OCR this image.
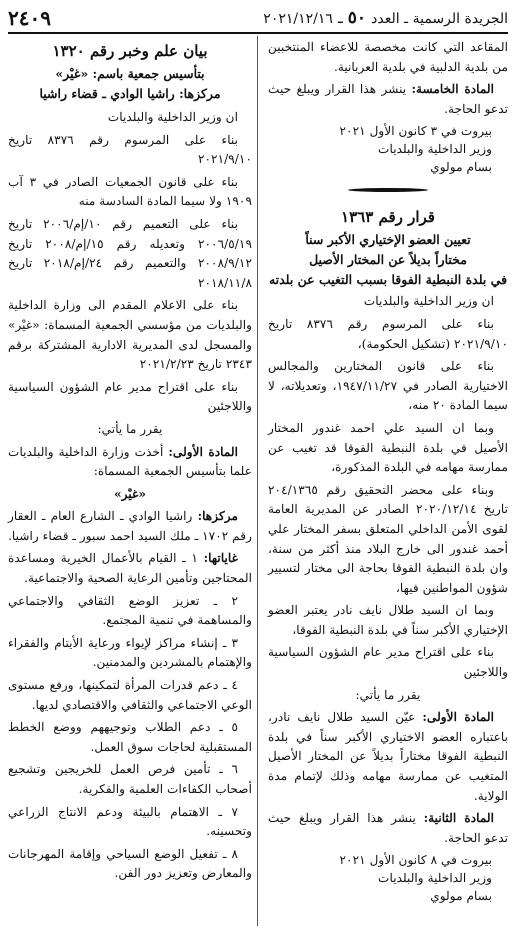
الجريدة الرسمية ـ العدد ٥٠ ـ ٢٠٢١/١٢/١٦
٢٤٠٩

المقاعد التي كانت مخصصة للاعضاء المنتخبين من بلدية الدلبية في بلدية العربانية.

المادة الخامسة: ينشر هذا القرار ويبلغ حيث تدعو الحاجة.

بيروت في ٣ كانون الأول ٢٠٢١
وزير الداخلية والبلديات
بسام مولوي
قرار رقم ١٣٦٣
تعيين العضو الإختياري الأكبر سناً
مختاراً بديلاً عن المختار الأصيل
في بلدة النبطية الفوقا بسبب التغيب عن بلدته

ان وزير الداخلية والبلديات

بناء على المرسوم رقم ٨٣٧٦ تاريخ ٢٠٢١/٩/١٠ (تشكيل الحكومة)،

بناء على قانون المختارين والمجالس الاختيارية الصادر في ١٩٤٧/١١/٢٧، وتعديلاته، لا سيما المادة ٢٠ منه،

وبما ان السيد علي احمد غندور المختار الأصيل في بلدة النبطية الفوقا قد تغيب عن ممارسة مهامه في البلدة المذكورة،

وبناء على محضر التحقيق رقم ٢٠٤/١٣٦٥ تاريخ ٢٠٢٠/١٢/١٤ الصادر عن المديرية العامة لقوى الأمن الداخلي المتعلق بسفر المختار علي أحمد غندور الى خارج البلاد منذ أكثر من سنة، وان بلدة النبطية الفوقا بحاجة الى مختار لتسيير شؤون المواطنين فيها،

وبما ان السيد طلال نايف نادر يعتبر العضو الإختياري الأكبر سناً في بلدة النبطية الفوقا،

بناء على اقتراح مدير عام الشؤون السياسية واللاجئين

يقرر ما يأتي:

المادة الأولى: عيّن السيد طلال نايف نادر، باعتباره العضو الاختياري الأكبر سناً في بلدة النبطية الفوقا مختاراً بديلاً عن المختار الأصيل المتغيب عن ممارسة مهامه وذلك لإتمام مدة الولاية.

المادة الثانية: ينشر هذا القرار ويبلغ حيث تدعو الحاجة.

بيروت في ٨ كانون الأول ٢٠٢١
وزير الداخلية والبلديات
بسام مولوي
بيان علم وخبر رقم ١٣٢٠
بتأسيس جمعية باسم: «غيْر»
مركزها: راشيا الوادي ـ قضاء راشيا

ان وزير الداخلية والبلديات

بناء على المرسوم رقم ٨٣٧٦ تاريخ ٢٠٢١/٩/١٠

بناء على قانون الجمعيات الصادر في ٣ آب ١٩٠٩ ولا سيما المادة السادسة منه

بناء على التعميم رقم ١٠/إم/٢٠٠٦ تاريخ ٢٠٠٦/٥/١٩ وتعديله رقم ١٥/إم/٢٠٠٨ تاريخ ٢٠٠٨/٩/١٢ والتعميم رقم ٢٤/إم/٢٠١٨ تاريخ ٢٠١٨/١١/٨

بناء على الاعلام المقدم الى وزارة الداخلية والبلديات من مؤسسي الجمعية المسماة: «غيْر» والمسجل لدى المديرية الادارية المشتركة برقم ٢٣٤٣ تاريخ ٢٠٢١/٢/٢٣

بناء على اقتراح مدير عام الشؤون السياسية واللاجئين

يقرر ما يأتي:

المادة الأولى: أخذت وزارة الداخلية والبلديات علما بتأسيس الجمعية المسماة:

«غيْر»

مركزها: راشيا الوادي ـ الشارع العام ـ العقار رقم ١٧٠٢ ـ ملك السيد احمد سبور ـ قضاء راشيا.

غاياتها: ١ ـ القيام بالأعمال الخيرية ومساعدة المحتاجين وتأمين الرعاية الصحية والاجتماعية.

٢ ـ تعزيز الوضع الثقافي والاجتماعي والمساهمة في تنمية المجتمع.

٣ ـ إنشاء مراكز لإيواء ورعاية الأيتام والفقراء والإهتمام بالمشردين والمدمنين.

٤ ـ دعم قدرات المرأة لتمكينها، ورفع مستوى الوعي الاجتماعي والثقافي والاقتصادي لديها.

٥ ـ دعم الطلاب وتوجيههم ووضع الخطط المستقبلية لحاجات سوق العمل.

٦ ـ تأمين فرص العمل للخريجين وتشجيع أصحاب الكفاءات العلمية والفكرية.

٧ ـ الاهتمام بالبيئة ودعم الانتاج الزراعي وتحسينه.

٨ ـ تفعيل الوضع السياحي وإقامة المهرجانات والمعارض وتعزيز دور الفن.
